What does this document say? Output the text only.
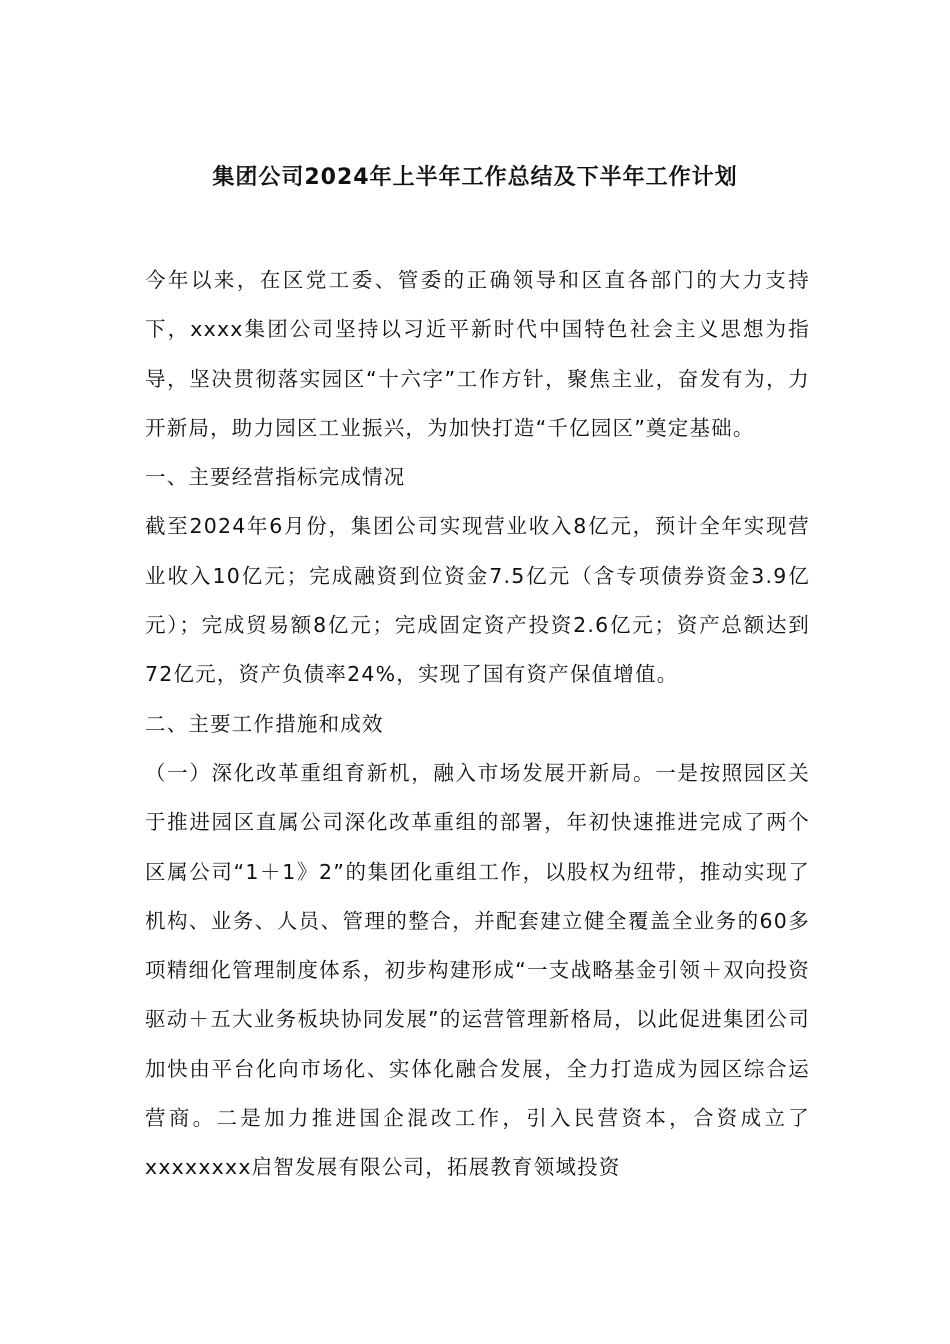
集团公司2024年上半年工作总结及下半年工作计划

今年以来，在区党工委、管委的正确领导和区直各部门的大力支持下，xxxx集团公司坚持以习近平新时代中国特色社会主义思想为指导，坚决贯彻落实园区“十六字”工作方针，聚焦主业，奋发有为，力开新局，助力园区工业振兴，为加快打造“千亿园区”奠定基础。

一、主要经营指标完成情况

截至2024年6月份，集团公司实现营业收入8亿元，预计全年实现营业收入10亿元；完成融资到位资金7.5亿元（含专项债券资金3.9亿元）；完成贸易额8亿元；完成固定资产投资2.6亿元；资产总额达到72亿元，资产负债率24%，实现了国有资产保值增值。

二、主要工作措施和成效

（一）深化改革重组育新机，融入市场发展开新局。一是按照园区关于推进园区直属公司深化改革重组的部署，年初快速推进完成了两个区属公司“1＋1》2”的集团化重组工作，以股权为纽带，推动实现了机构、业务、人员、管理的整合，并配套建立健全覆盖全业务的60多项精细化管理制度体系，初步构建形成“一支战略基金引领＋双向投资驱动＋五大业务板块协同发展”的运营管理新格局，以此促进集团公司加快由平台化向市场化、实体化融合发展，全力打造成为园区综合运营商。二是加力推进国企混改工作，引入民营资本，合资成立了xxxxxxxx启智发展有限公司，拓展教育领域投资
